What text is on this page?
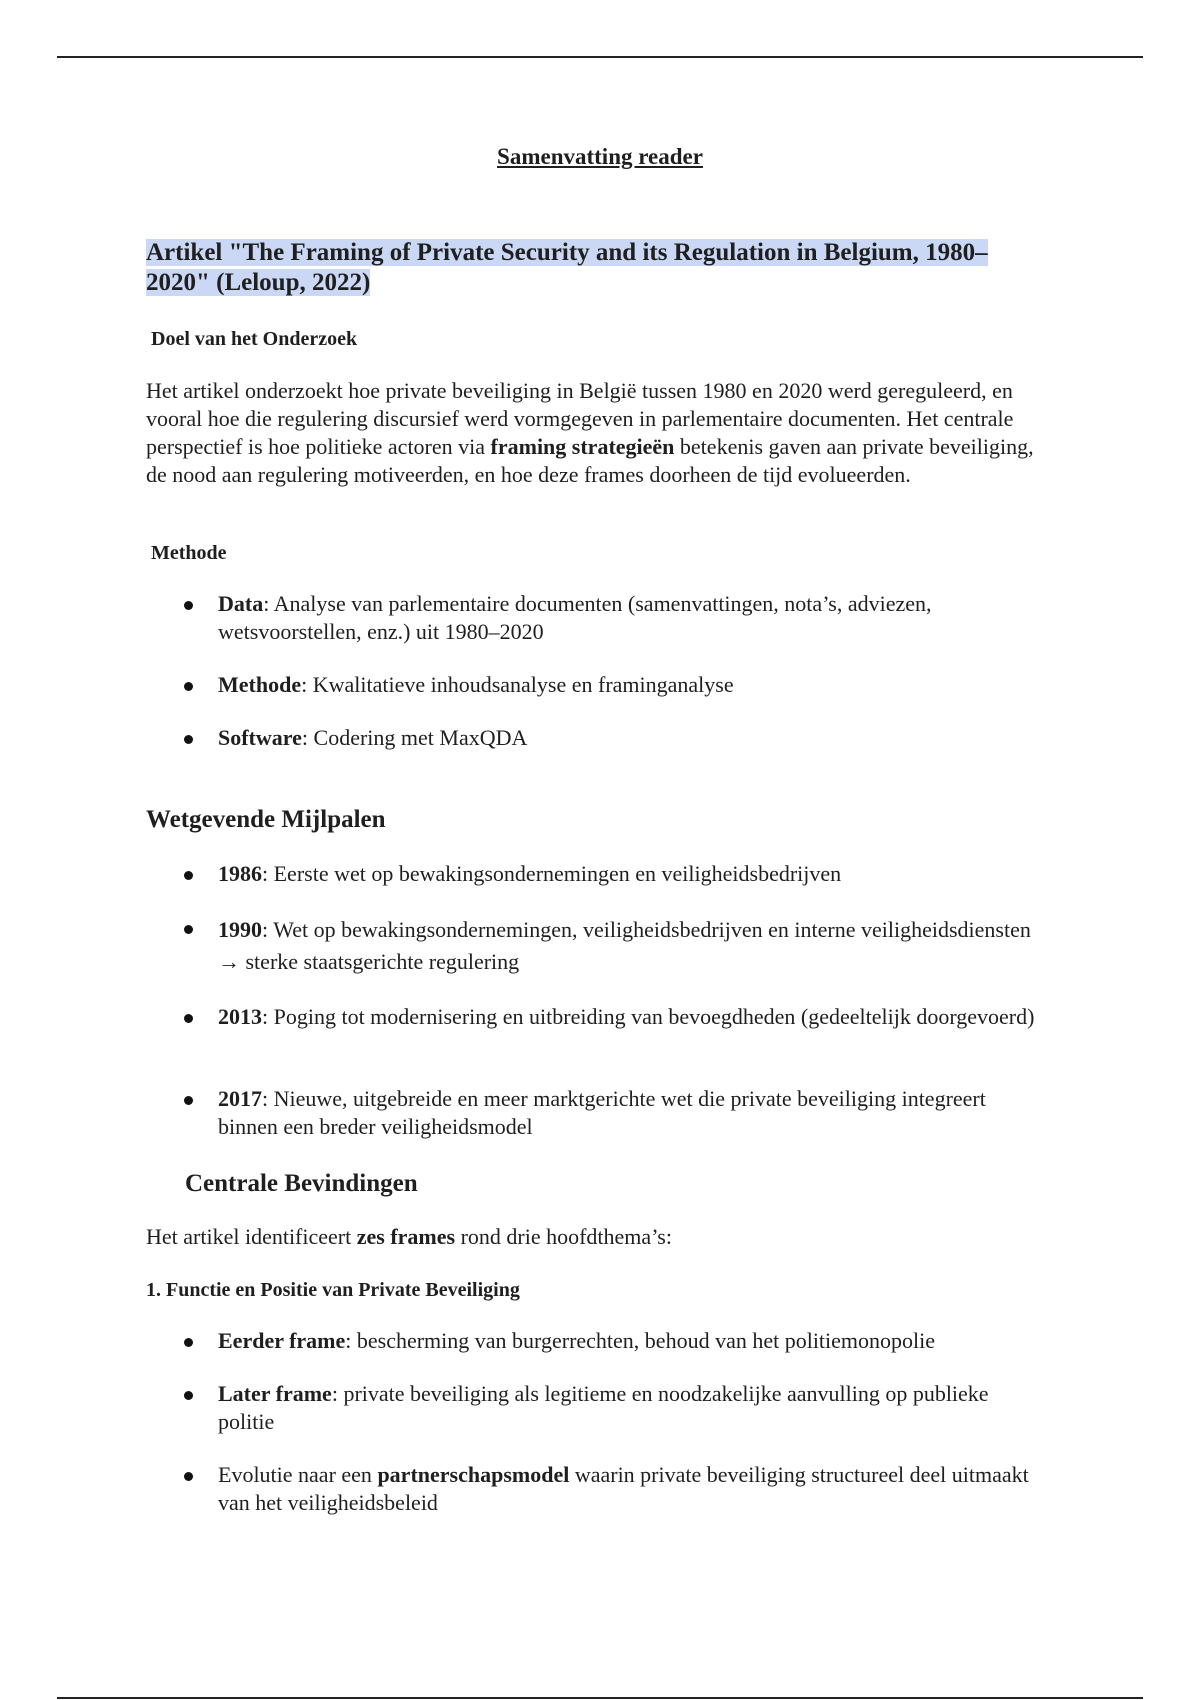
Samenvatting reader
Artikel "The Framing of Private Security and its Regulation in Belgium, 1980–2020" (Leloup, 2022)
Doel van het Onderzoek

Het artikel onderzoekt hoe private beveiliging in België tussen 1980 en 2020 werd gereguleerd, en vooral hoe die regulering discursief werd vormgegeven in parlementaire documenten. Het centrale perspectief is hoe politieke actoren via framing strategieën betekenis gaven aan private beveiliging, de nood aan regulering motiveerden, en hoe deze frames doorheen de tijd evolueerden.

Methode
Data: Analyse van parlementaire documenten (samenvattingen, nota’s, adviezen, wetsvoorstellen, enz.) uit 1980–2020
Methode: Kwalitatieve inhoudsanalyse en framinganalyse
Software: Codering met MaxQDA
Wetgevende Mijlpalen
1986: Eerste wet op bewakingsondernemingen en veiligheidsbedrijven
1990: Wet op bewakingsondernemingen, veiligheidsbedrijven en interne veiligheidsdiensten → sterke staatsgerichte regulering
2013: Poging tot modernisering en uitbreiding van bevoegdheden (gedeeltelijk doorgevoerd)
2017: Nieuwe, uitgebreide en meer marktgerichte wet die private beveiliging integreert binnen een breder veiligheidsmodel
Centrale Bevindingen

Het artikel identificeert zes frames rond drie hoofdthema’s:

1. Functie en Positie van Private Beveiliging
Eerder frame: bescherming van burgerrechten, behoud van het politiemonopolie
Later frame: private beveiliging als legitieme en noodzakelijke aanvulling op publieke politie
Evolutie naar een partnerschapsmodel waarin private beveiliging structureel deel uitmaakt van het veiligheidsbeleid
